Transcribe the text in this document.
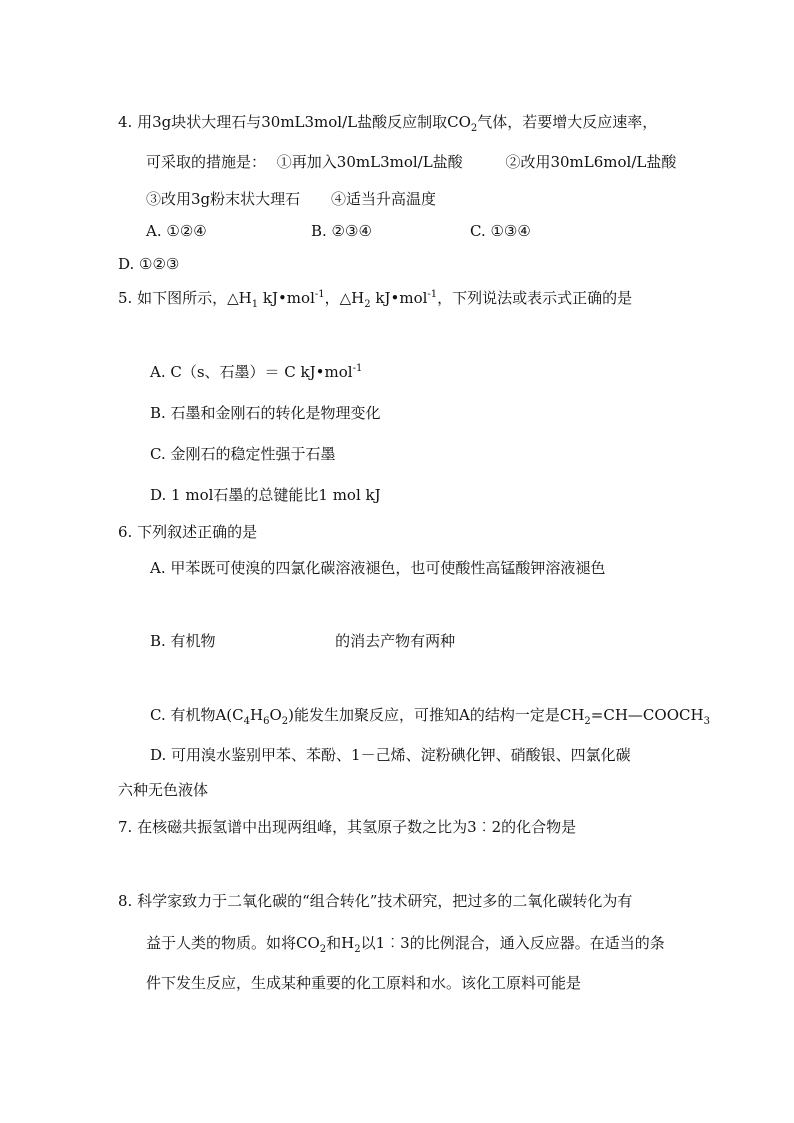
4. 用3g块状大理石与30mL3mol/L盐酸反应制取$CO_2$气体，若要增大反应速率，
可采取的措施是： ①再加入30mL3mol/L盐酸	②改用30mL6mol/L盐酸
③改用3g粉末状大理石 ④适当升高温度
A. ①②④	B. ②③④	C. ①③④
D. ①②③
5. 如下图所示，$\triangle H_1$ kJ•mol$^{-1}$，$\triangle H_2$ kJ•mol$^{-1}$，下列说法或表示式正确的是
A. C（s、石墨）＝ C kJ•mol$^{-1}$
B. 石墨和金刚石的转化是物理变化
C. 金刚石的稳定性强于石墨
D. 1 mol石墨的总键能比1 mol kJ
6. 下列叙述正确的是
A. 甲苯既可使溴的四氯化碳溶液褪色，也可使酸性高锰酸钾溶液褪色
B. 有机物	的消去产物有两种
C. 有机物$A(C_4H_6O_2)$能发生加聚反应，可推知A的结构一定是$CH_2=CH—COOCH_3$
D. 可用溴水鉴别甲苯、苯酚、1－己烯、淀粉碘化钾、硝酸银、四氯化碳
六种无色液体
7. 在核磁共振氢谱中出现两组峰，其氢原子数之比为3︰2的化合物是
8. 科学家致力于二氧化碳的“组合转化”技术研究，把过多的二氧化碳转化为有
益于人类的物质。如将$CO_2$和$H_2$以1︰3的比例混合，通入反应器。在适当的条
件下发生反应，生成某种重要的化工原料和水。该化工原料可能是
